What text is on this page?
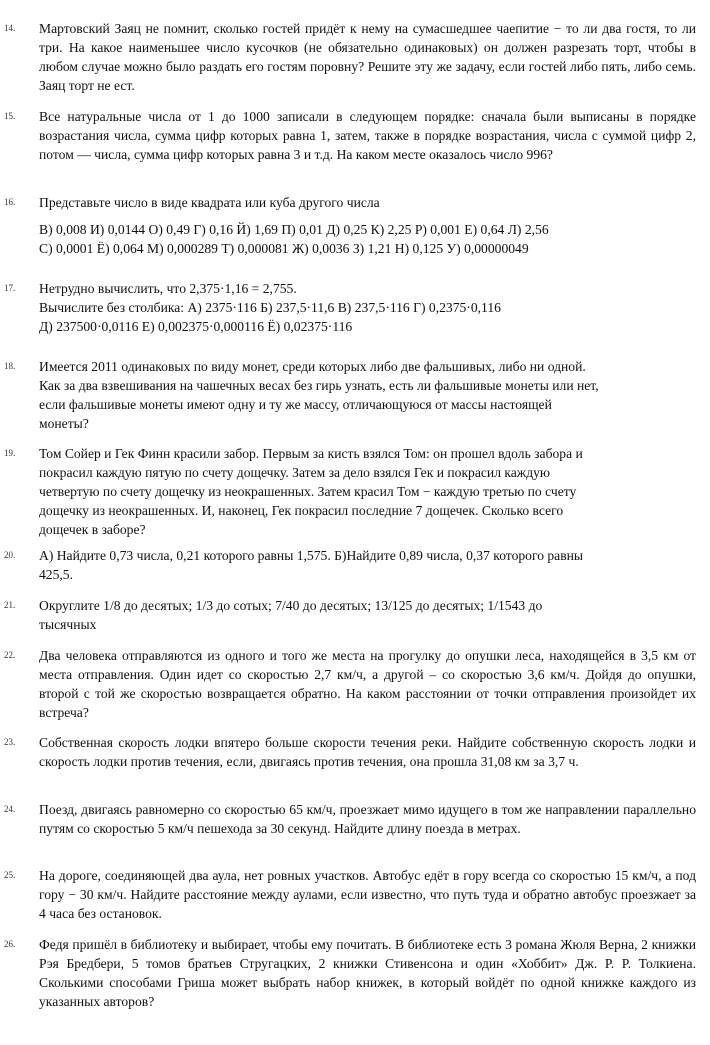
14. Мартовский Заяц не помнит, сколько гостей придёт к нему на сумасшедшее чаепитие − то ли два гостя, то ли три. На какое наименьшее число кусочков (не обязательно одинаковых) он должен разрезать торт, чтобы в любом случае можно было раздать его гостям поровну? Решите эту же задачу, если гостей либо пять, либо семь. Заяц торт не ест.
15. Все натуральные числа от 1 до 1000 записали в следующем порядке: сначала были выписаны в порядке возрастания числа, сумма цифр которых равна 1, затем, также в порядке возрастания, числа с суммой цифр 2, потом — числа, сумма цифр которых равна 3 и т.д. На каком месте оказалось число 996?
16. Представьте число в виде квадрата или куба другого числа
В) 0,008 И) 0,0144 О) 0,49 Г) 0,16 Й) 1,69 П) 0,01 Д) 0,25 К) 2,25 Р) 0,001 Е) 0,64 Л) 2,56
С) 0,0001 Ё) 0,064 М) 0,000289 Т) 0,000081 Ж) 0,0036 З) 1,21 Н) 0,125 У) 0,00000049
17. Нетрудно вычислить, что 2,375·1,16 = 2,755.
Вычислите без столбика: А) 2375·116 Б) 237,5·11,6 В) 237,5·116 Г) 0,2375·0,116
Д) 237500·0,0116 Е) 0,002375·0,000116 Ё) 0,02375·116
18. Имеется 2011 одинаковых по виду монет, среди которых либо две фальшивых, либо ни одной.
Как за два взвешивания на чашечных весах без гирь узнать, есть ли фальшивые монеты или нет,
если фальшивые монеты имеют одну и ту же массу, отличающуюся от массы настоящей
монеты?
19. Том Сойер и Гек Финн красили забор. Первым за кисть взялся Том: он прошел вдоль забора и
покрасил каждую пятую по счету дощечку. Затем за дело взялся Гек и покрасил каждую
четвертую по счету дощечку из неокрашенных. Затем красил Том − каждую третью по счету
дощечку из неокрашенных. И, наконец, Гек покрасил последние 7 дощечек. Сколько всего
дощечек в заборе?
20. А) Найдите 0,73 числа, 0,21 которого равны 1,575. Б)Найдите 0,89 числа, 0,37 которого равны
425,5.
21. Округлите 1/8 до десятых; 1/3 до сотых; 7/40 до десятых; 13/125 до десятых; 1/1543 до
тысячных
22. Два человека отправляются из одного и того же места на прогулку до опушки леса, находящейся в 3,5 км от места отправления. Один идет со скоростью 2,7 км/ч, а другой – со скоростью 3,6 км/ч. Дойдя до опушки, второй с той же скоростью возвращается обратно. На каком расстоянии от точки отправления произойдет их встреча?
23. Собственная скорость лодки впятеро больше скорости течения реки. Найдите собственную скорость лодки и скорость лодки против течения, если, двигаясь против течения, она прошла 31,08 км за 3,7 ч.
24. Поезд, двигаясь равномерно со скоростью 65 км/ч, проезжает мимо идущего в том же направлении параллельно путям со скоростью 5 км/ч пешехода за 30 секунд. Найдите длину поезда в метрах.
25. На дороге, соединяющей два аула, нет ровных участков. Автобус едёт в гору всегда со скоростью 15 км/ч, а под гору − 30 км/ч. Найдите расстояние между аулами, если известно, что путь туда и обратно автобус проезжает за 4 часа без остановок.
26. Федя пришёл в библиотеку и выбирает, чтобы ему почитать. В библиотеке есть 3 романа Жюля Верна, 2 книжки Рэя Бредбери, 5 томов братьев Стругацких, 2 книжки Стивенсона и один «Хоббит» Дж. Р. Р. Толкиена. Сколькими способами Гриша может выбрать набор книжек, в который войдёт по одной книжке каждого из указанных авторов?
